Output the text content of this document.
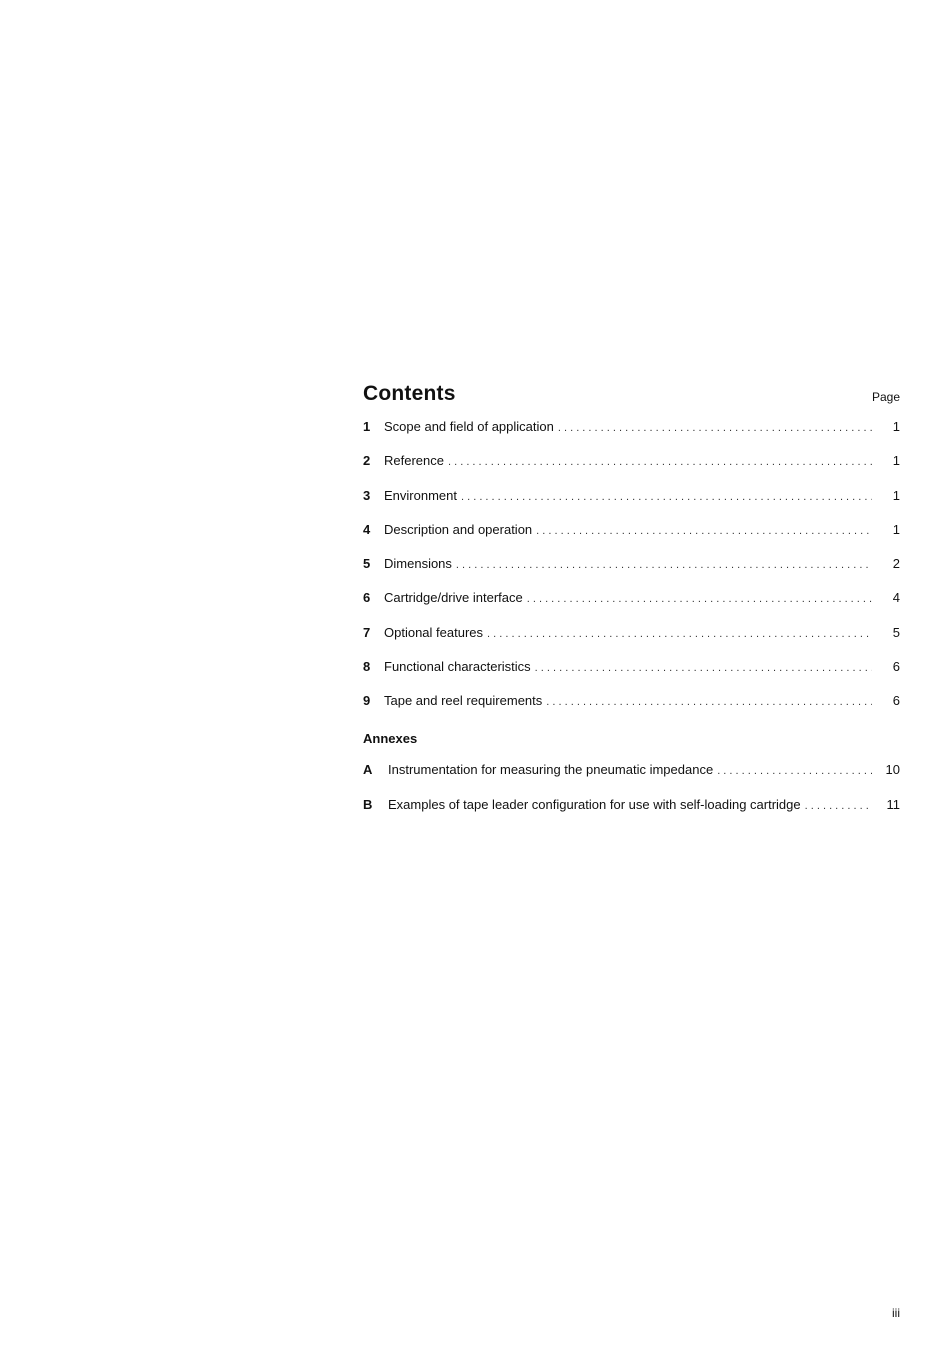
Contents	Page
1	Scope and field of application . . .	1
2	Reference . . .	1
3	Environment . . .	1
4	Description and operation . . .	1
5	Dimensions . . .	2
6	Cartridge/drive interface . . .	4
7	Optional features . . .	5
8	Functional characteristics . . .	6
9	Tape and reel requirements . . .	6
Annexes
A	Instrumentation for measuring the pneumatic impedance . . .	10
B	Examples of tape leader configuration for use with self-loading cartridge . . .	11
iii
